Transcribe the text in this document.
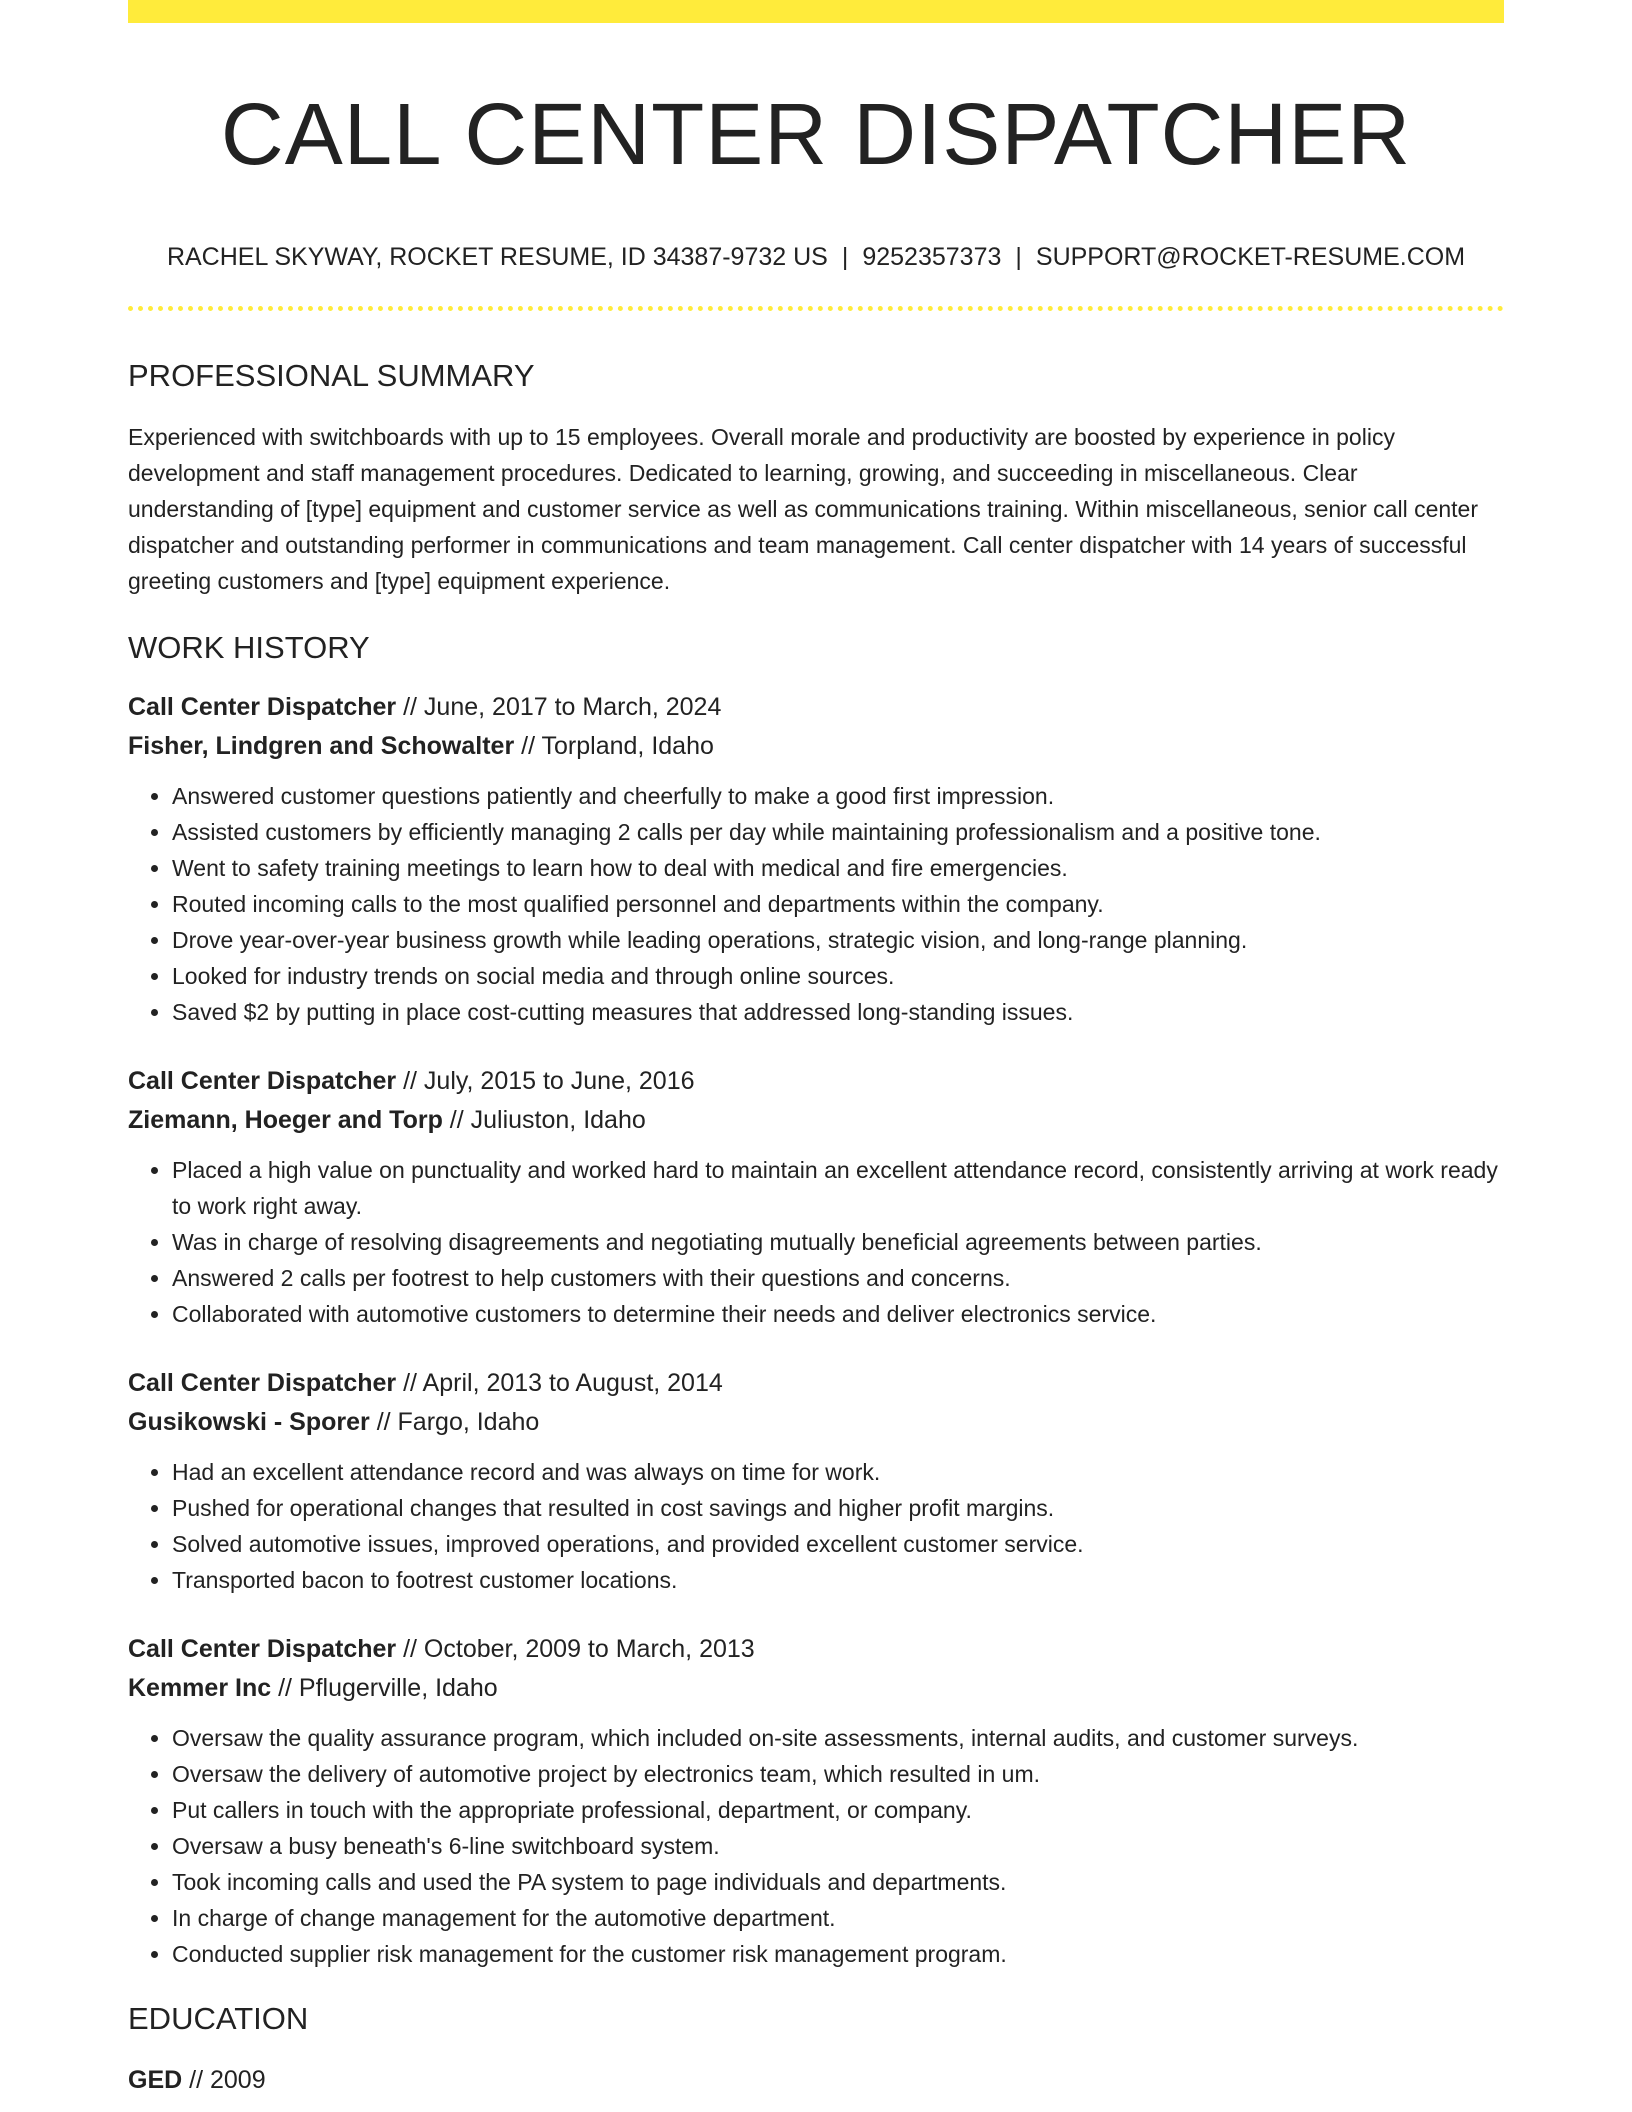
CALL CENTER DISPATCHER
RACHEL SKYWAY, ROCKET RESUME, ID 34387-9732 US | 9252357373 | SUPPORT@ROCKET-RESUME.COM
PROFESSIONAL SUMMARY
Experienced with switchboards with up to 15 employees. Overall morale and productivity are boosted by experience in policy development and staff management procedures. Dedicated to learning, growing, and succeeding in miscellaneous. Clear understanding of [type] equipment and customer service as well as communications training. Within miscellaneous, senior call center dispatcher and outstanding performer in communications and team management. Call center dispatcher with 14 years of successful greeting customers and [type] equipment experience.
WORK HISTORY
Call Center Dispatcher // June, 2017 to March, 2024
Fisher, Lindgren and Schowalter // Torpland, Idaho
• Answered customer questions patiently and cheerfully to make a good first impression.
• Assisted customers by efficiently managing 2 calls per day while maintaining professionalism and a positive tone.
• Went to safety training meetings to learn how to deal with medical and fire emergencies.
• Routed incoming calls to the most qualified personnel and departments within the company.
• Drove year-over-year business growth while leading operations, strategic vision, and long-range planning.
• Looked for industry trends on social media and through online sources.
• Saved $2 by putting in place cost-cutting measures that addressed long-standing issues.
Call Center Dispatcher // July, 2015 to June, 2016
Ziemann, Hoeger and Torp // Juliuston, Idaho
• Placed a high value on punctuality and worked hard to maintain an excellent attendance record, consistently arriving at work ready to work right away.
• Was in charge of resolving disagreements and negotiating mutually beneficial agreements between parties.
• Answered 2 calls per footrest to help customers with their questions and concerns.
• Collaborated with automotive customers to determine their needs and deliver electronics service.
Call Center Dispatcher // April, 2013 to August, 2014
Gusikowski - Sporer // Fargo, Idaho
• Had an excellent attendance record and was always on time for work.
• Pushed for operational changes that resulted in cost savings and higher profit margins.
• Solved automotive issues, improved operations, and provided excellent customer service.
• Transported bacon to footrest customer locations.
Call Center Dispatcher // October, 2009 to March, 2013
Kemmer Inc // Pflugerville, Idaho
• Oversaw the quality assurance program, which included on-site assessments, internal audits, and customer surveys.
• Oversaw the delivery of automotive project by electronics team, which resulted in um.
• Put callers in touch with the appropriate professional, department, or company.
• Oversaw a busy beneath's 6-line switchboard system.
• Took incoming calls and used the PA system to page individuals and departments.
• In charge of change management for the automotive department.
• Conducted supplier risk management for the customer risk management program.
EDUCATION
GED // 2009
